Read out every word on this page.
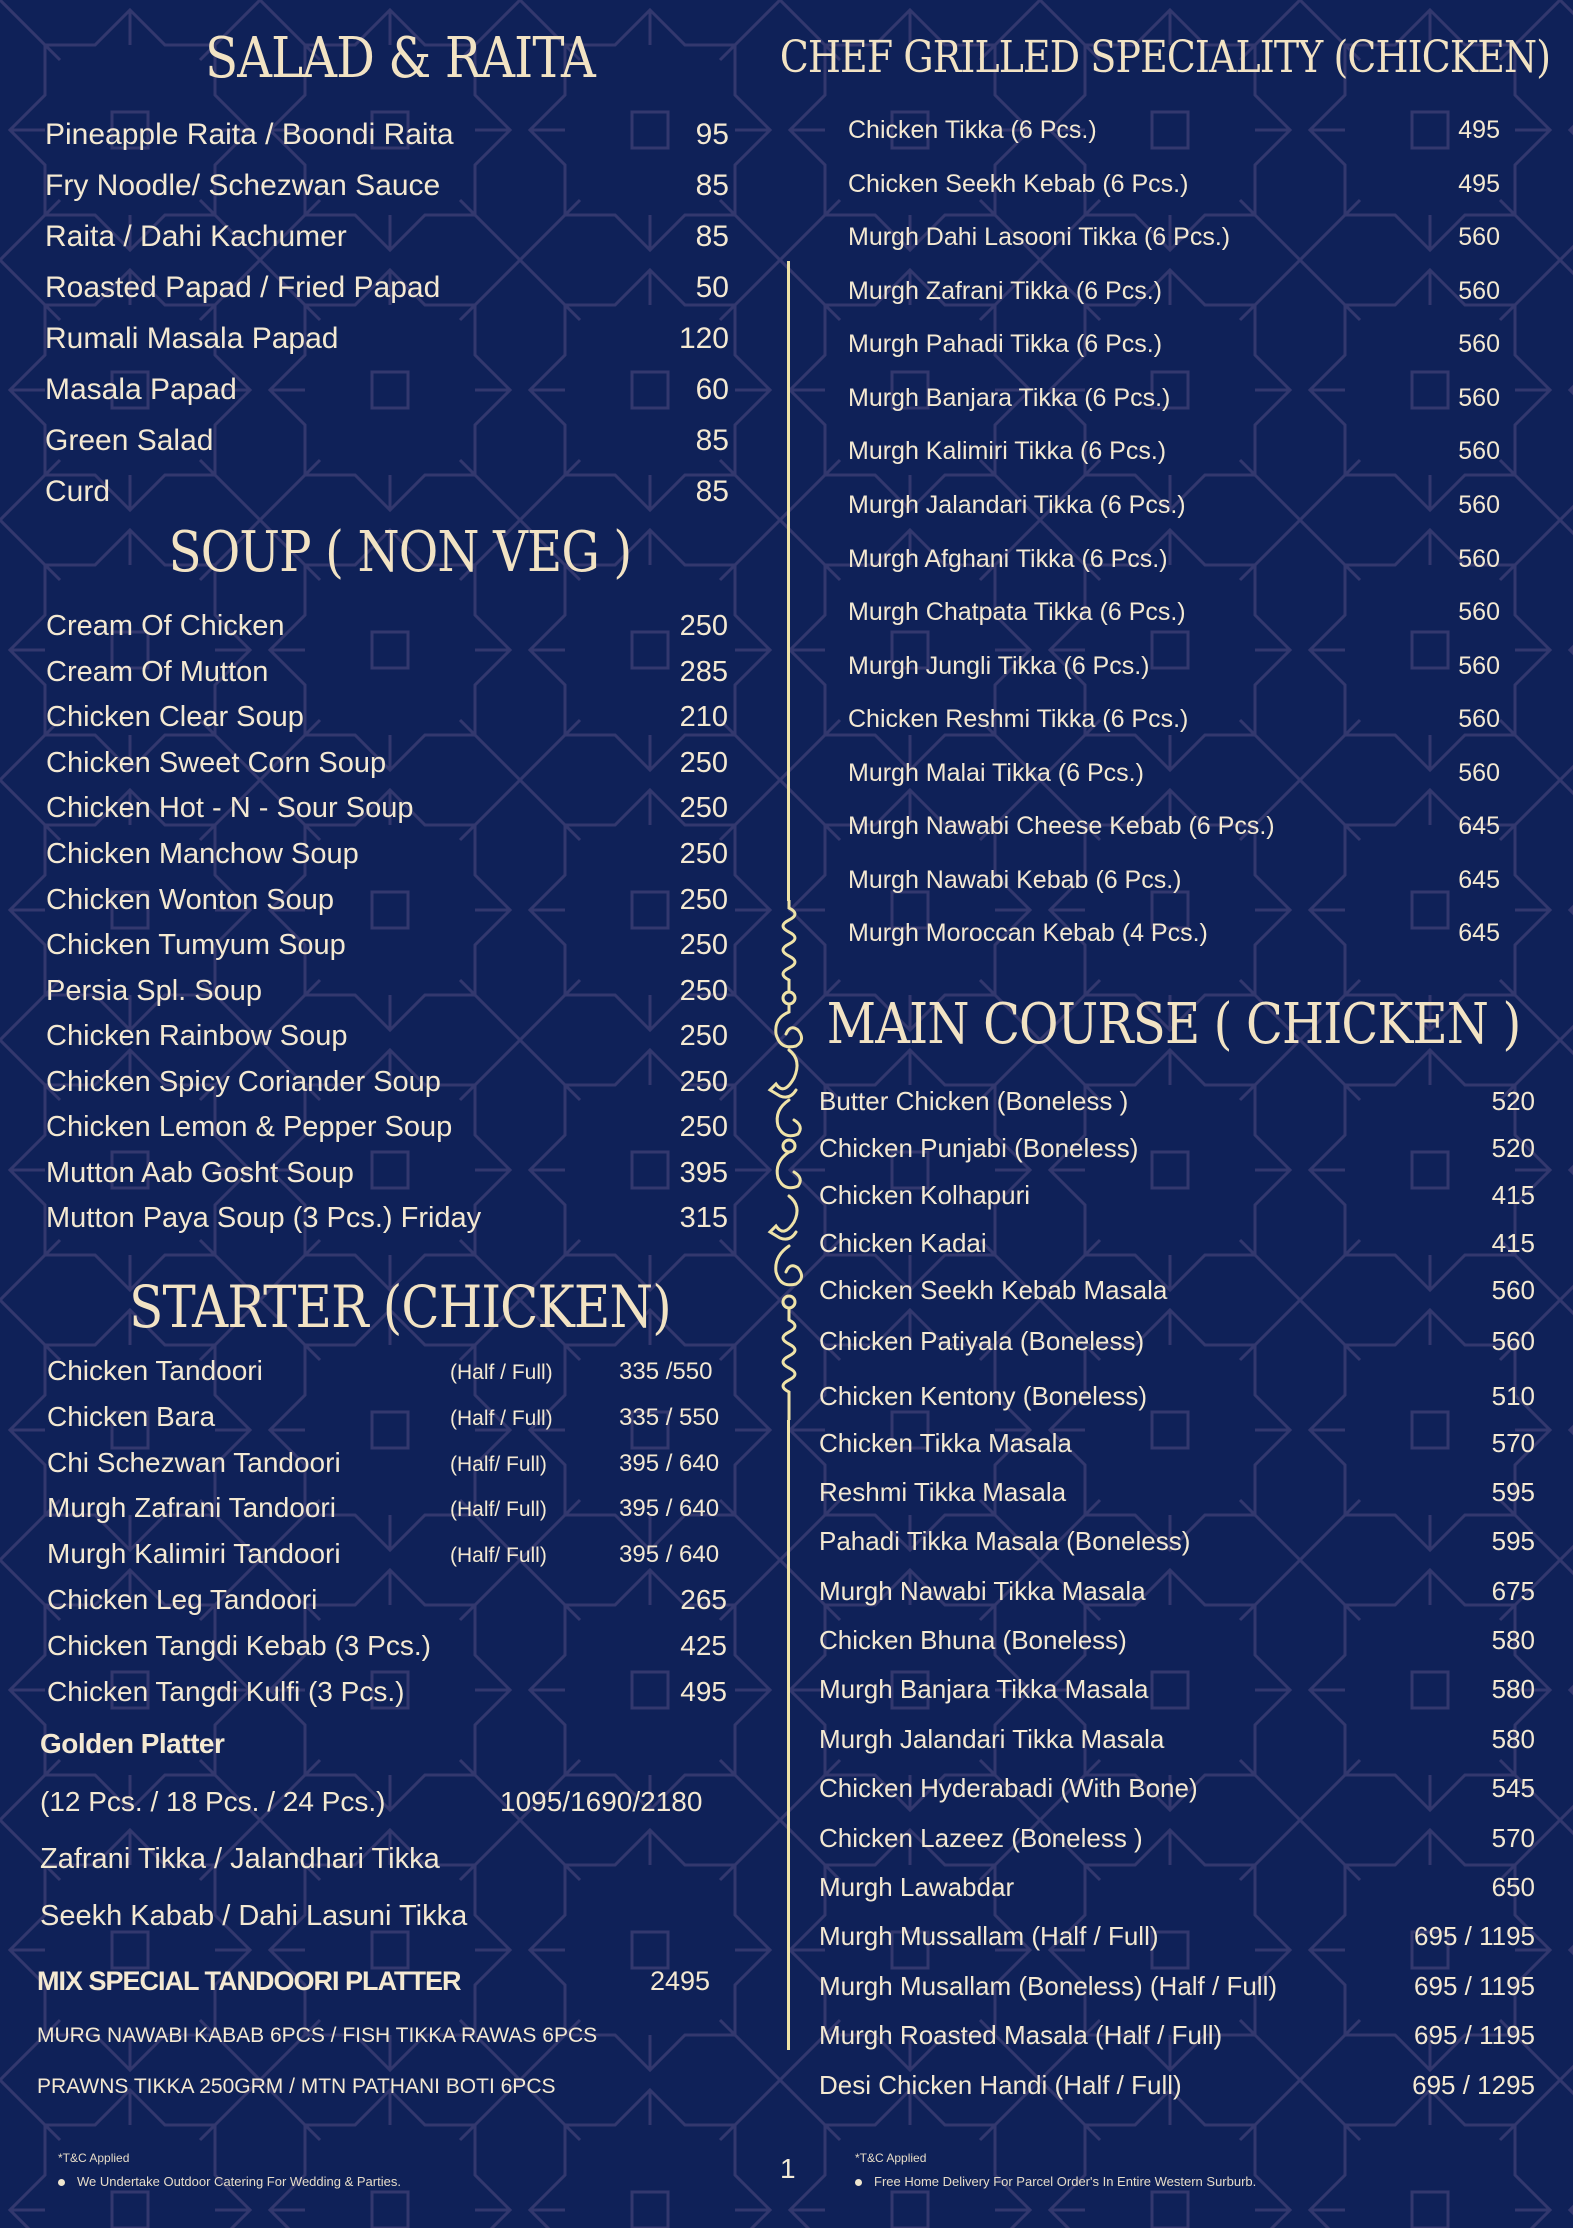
SALAD & RAITA
Pineapple Raita / Boondi Raita	95
Fry Noodle/ Schezwan Sauce	85
Raita / Dahi Kachumer	85
Roasted Papad / Fried Papad	50
Rumali Masala Papad	120
Masala Papad	60
Green Salad	85
Curd	85
SOUP ( NON VEG )
Cream Of Chicken	250
Cream Of Mutton	285
Chicken Clear Soup	210
Chicken Sweet Corn Soup	250
Chicken Hot - N - Sour Soup	250
Chicken Manchow Soup	250
Chicken Wonton Soup	250
Chicken Tumyum Soup	250
Persia Spl. Soup	250
Chicken Rainbow Soup	250
Chicken Spicy Coriander Soup	250
Chicken Lemon & Pepper Soup	250
Mutton Aab Gosht Soup	395
Mutton Paya Soup (3 Pcs.) Friday	315
STARTER (CHICKEN)
Chicken Tandoori	(Half / Full)	335 /550
Chicken Bara	(Half / Full)	335 / 550
Chi Schezwan Tandoori	(Half/ Full)	395 / 640
Murgh Zafrani Tandoori	(Half/ Full)	395 / 640
Murgh Kalimiri Tandoori	(Half/ Full)	395 / 640
Chicken Leg Tandoori	265
Chicken Tangdi Kebab (3 Pcs.)	425
Chicken Tangdi Kulfi (3 Pcs.)	495
Golden Platter
(12 Pcs. / 18 Pcs. / 24 Pcs.)	1095/1690/2180
Zafrani Tikka / Jalandhari Tikka
Seekh Kabab / Dahi Lasuni Tikka
MIX SPECIAL TANDOORI PLATTER	2495
MURG NAWABI KABAB 6PCS / FISH TIKKA RAWAS 6PCS
PRAWNS TIKKA 250GRM / MTN PATHANI BOTI 6PCS
*T&C Applied
We Undertake Outdoor Catering For Wedding & Parties.
CHEF GRILLED SPECIALITY (CHICKEN)
Chicken Tikka (6 Pcs.)	495
Chicken Seekh Kebab (6 Pcs.)	495
Murgh Dahi Lasooni Tikka (6 Pcs.)	560
Murgh Zafrani Tikka (6 Pcs.)	560
Murgh Pahadi Tikka (6 Pcs.)	560
Murgh Banjara Tikka (6 Pcs.)	560
Murgh Kalimiri Tikka (6 Pcs.)	560
Murgh Jalandari Tikka (6 Pcs.)	560
Murgh Afghani Tikka (6 Pcs.)	560
Murgh Chatpata Tikka (6 Pcs.)	560
Murgh Jungli Tikka (6 Pcs.)	560
Chicken Reshmi Tikka (6 Pcs.)	560
Murgh Malai Tikka (6 Pcs.)	560
Murgh Nawabi Cheese Kebab (6 Pcs.)	645
Murgh Nawabi Kebab (6 Pcs.)	645
Murgh Moroccan Kebab (4 Pcs.)	645
MAIN COURSE ( CHICKEN )
Butter Chicken (Boneless )	520
Chicken Punjabi (Boneless)	520
Chicken Kolhapuri	415
Chicken Kadai	415
Chicken Seekh Kebab Masala	560
Chicken Patiyala (Boneless)	560
Chicken Kentony (Boneless)	510
Chicken Tikka Masala	570
Reshmi Tikka Masala	595
Pahadi Tikka Masala (Boneless)	595
Murgh Nawabi Tikka Masala	675
Chicken Bhuna (Boneless)	580
Murgh Banjara Tikka Masala	580
Murgh Jalandari Tikka Masala	580
Chicken Hyderabadi (With Bone)	545
Chicken Lazeez (Boneless )	570
Murgh Lawabdar	650
Murgh Mussallam (Half / Full)	695 / 1195
Murgh Musallam (Boneless) (Half / Full)	695 / 1195
Murgh Roasted Masala (Half / Full)	695 / 1195
Desi Chicken Handi (Half / Full)	695 / 1295
*T&C Applied
Free Home Delivery For Parcel Order's In Entire Western Surburb.
1
